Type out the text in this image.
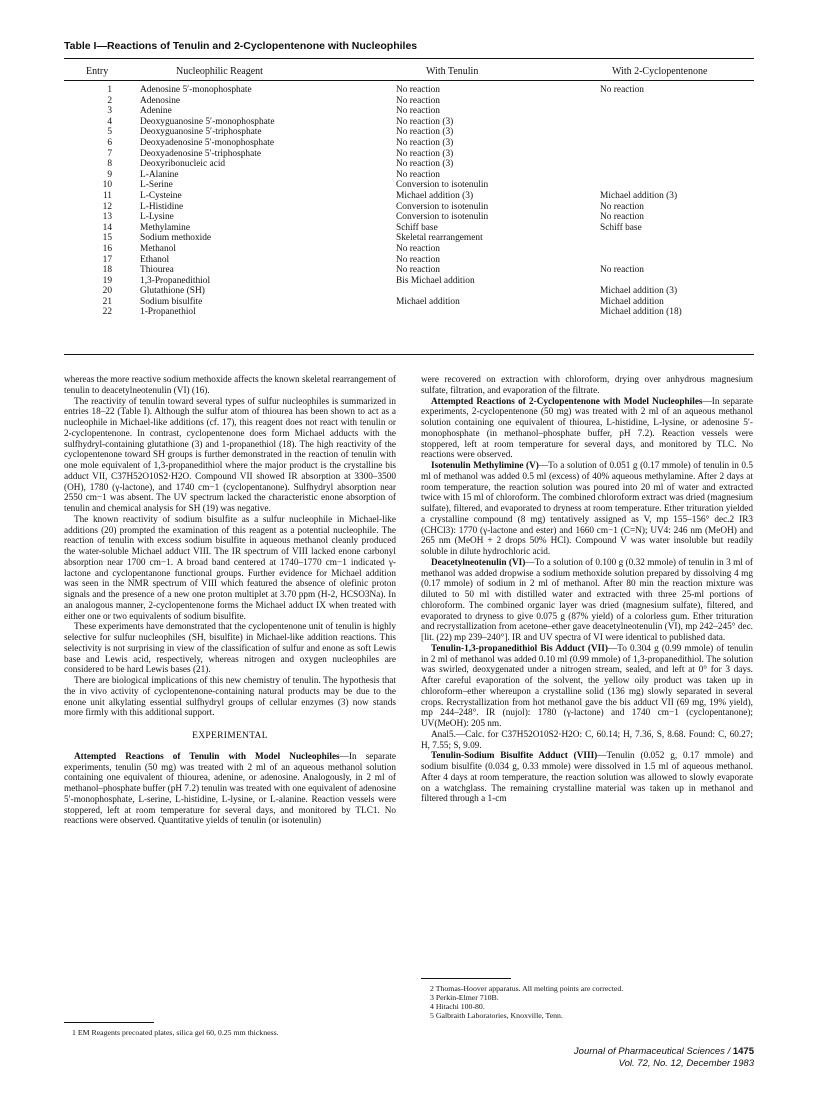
Table I—Reactions of Tenulin and 2-Cyclopentenone with Nucleophiles
Entry	Nucleophilic Reagent	With Tenulin	With 2-Cyclopentenone
1	Adenosine 5′-monophosphate	No reaction	No reaction
2	Adenosine	No reaction	
3	Adenine	No reaction	
4	Deoxyguanosine 5′-monophosphate	No reaction (3)	
5	Deoxyguanosine 5′-triphosphate	No reaction (3)	
6	Deoxyadenosine 5′-monophosphate	No reaction (3)	
7	Deoxyadenosine 5′-triphosphate	No reaction (3)	
8	Deoxyribonucleic acid	No reaction (3)	
9	L-Alanine	No reaction	
10	L-Serine	Conversion to isotenulin	
11	L-Cysteine	Michael addition (3)	Michael addition (3)
12	L-Histidine	Conversion to isotenulin	No reaction
13	L-Lysine	Conversion to isotenulin	No reaction
14	Methylamine	Schiff base	Schiff base
15	Sodium methoxide	Skeletal rearrangement	
16	Methanol	No reaction	
17	Ethanol	No reaction	
18	Thiourea	No reaction	No reaction
19	1,3-Propanedithiol	Bis Michael addition	
20	Glutathione (SH)		Michael addition (3)
21	Sodium bisulfite	Michael addition	Michael addition
22	1-Propanethiol		Michael addition (18)

whereas the more reactive sodium methoxide affects the known skeletal rearrangement of tenulin to deacetylneotenulin (VI) (16).

The reactivity of tenulin toward several types of sulfur nucleophiles is summarized in entries 18–22 (Table I). Although the sulfur atom of thiourea has been shown to act as a nucleophile in Michael-like additions (cf. 17), this reagent does not react with tenulin or 2-cyclopentenone. In contrast, cyclopentenone does form Michael adducts with the sulfhydryl-containing glutathione (3) and 1-propanethiol (18). The high reactivity of the cyclopentenone toward SH groups is further demonstrated in the reaction of tenulin with one mole equivalent of 1,3-propanedithiol where the major product is the crystalline bis adduct VII, C37H52O10S2·H2O. Compound VII showed IR absorption at 3300–3500 (OH), 1780 (γ-lactone), and 1740 cm−1 (cyclopentanone). Sulfhydryl absorption near 2550 cm−1 was absent. The UV spectrum lacked the characteristic enone absorption of tenulin and chemical analysis for SH (19) was negative.

The known reactivity of sodium bisulfite as a sulfur nucleophile in Michael-like additions (20) prompted the examination of this reagent as a potential nucleophile. The reaction of tenulin with excess sodium bisulfite in aqueous methanol cleanly produced the water-soluble Michael adduct VIII. The IR spectrum of VIII lacked enone carbonyl absorption near 1700 cm−1. A broad band centered at 1740–1770 cm−1 indicated γ-lactone and cyclopentanone functional groups. Further evidence for Michael addition was seen in the NMR spectrum of VIII which featured the absence of olefinic proton signals and the presence of a new one proton multiplet at 3.70 ppm (H-2, HCSO3Na). In an analogous manner, 2-cyclopentenone forms the Michael adduct IX when treated with either one or two equivalents of sodium bisulfite.

These experiments have demonstrated that the cyclopentenone unit of tenulin is highly selective for sulfur nucleophiles (SH, bisulfite) in Michael-like addition reactions. This selectivity is not surprising in view of the classification of sulfur and enone as soft Lewis base and Lewis acid, respectively, whereas nitrogen and oxygen nucleophiles are considered to be hard Lewis bases (21).

There are biological implications of this new chemistry of tenulin. The hypothesis that the in vivo activity of cyclopentenone-containing natural products may be due to the enone unit alkylating essential sulfhydryl groups of cellular enzymes (3) now stands more firmly with this additional support.

EXPERIMENTAL

Attempted Reactions of Tenulin with Model Nucleophiles—In separate experiments, tenulin (50 mg) was treated with 2 ml of an aqueous methanol solution containing one equivalent of thiourea, adenine, or adenosine. Analogously, in 2 ml of methanol–phosphate buffer (pH 7.2) tenulin was treated with one equivalent of adenosine 5′-monophosphate, L-serine, L-histidine, L-lysine, or L-alanine. Reaction vessels were stoppered, left at room temperature for several days, and monitored by TLC1. No reactions were observed. Quantitative yields of tenulin (or isotenulin)

1 EM Reagents precoated plates, silica gel 60, 0.25 mm thickness.

were recovered on extraction with chloroform, drying over anhydrous magnesium sulfate, filtration, and evaporation of the filtrate.

Attempted Reactions of 2-Cyclopentenone with Model Nucleophiles—In separate experiments, 2-cyclopentenone (50 mg) was treated with 2 ml of an aqueous methanol solution containing one equivalent of thiourea, L-histidine, L-lysine, or adenosine 5′-monophosphate (in methanol–phosphate buffer, pH 7.2). Reaction vessels were stoppered, left at room temperature for several days, and monitored by TLC. No reactions were observed.

Isotenulin Methylimine (V)—To a solution of 0.051 g (0.17 mmole) of tenulin in 0.5 ml of methanol was added 0.5 ml (excess) of 40% aqueous methylamine. After 2 days at room temperature, the reaction solution was poured into 20 ml of water and extracted twice with 15 ml of chloroform. The combined chloroform extract was dried (magnesium sulfate), filtered, and evaporated to dryness at room temperature. Ether trituration yielded a crystalline compound (8 mg) tentatively assigned as V, mp 155–156° dec.2 IR3 (CHCl3): 1770 (γ-lactone and ester) and 1660 cm−1 (C=N); UV4: 246 nm (MeOH) and 265 nm (MeOH + 2 drops 50% HCl). Compound V was water insoluble but readily soluble in dilute hydrochloric acid.

Deacetylneotenulin (VI)—To a solution of 0.100 g (0.32 mmole) of tenulin in 3 ml of methanol was added dropwise a sodium methoxide solution prepared by dissolving 4 mg (0.17 mmole) of sodium in 2 ml of methanol. After 80 min the reaction mixture was diluted to 50 ml with distilled water and extracted with three 25-ml portions of chloroform. The combined organic layer was dried (magnesium sulfate), filtered, and evaporated to dryness to give 0.075 g (87% yield) of a colorless gum. Ether trituration and recrystallization from acetone–ether gave deacetylneotenulin (VI), mp 242–245° dec. [lit. (22) mp 239–240°]. IR and UV spectra of VI were identical to published data.

Tenulin-1,3-propanedithiol Bis Adduct (VII)—To 0.304 g (0.99 mmole) of tenulin in 2 ml of methanol was added 0.10 ml (0.99 mmole) of 1,3-propanedithiol. The solution was swirled, deoxygenated under a nitrogen stream, sealed, and left at 0° for 3 days. After careful evaporation of the solvent, the yellow oily product was taken up in chloroform–ether whereupon a crystalline solid (136 mg) slowly separated in several crops. Recrystallization from hot methanol gave the bis adduct VII (69 mg, 19% yield), mp 244–248°. IR (nujol): 1780 (γ-lactone) and 1740 cm−1 (cyclopentanone); UV(MeOH): 205 nm.

Anal5.—Calc. for C37H52O10S2·H2O: C, 60.14; H, 7.36, S, 8.68. Found: C, 60.27; H, 7.55; S, 9.09.

Tenulin-Sodium Bisulfite Adduct (VIII)—Tenulin (0.052 g, 0.17 mmole) and sodium bisulfite (0.034 g, 0.33 mmole) were dissolved in 1.5 ml of aqueous methanol. After 4 days at room temperature, the reaction solution was allowed to slowly evaporate on a watchglass. The remaining crystalline material was taken up in methanol and filtered through a 1-cm

2 Thomas-Hoover apparatus. All melting points are corrected.
3 Perkin-Elmer 710B.
4 Hitachi 100-80.
5 Galbraith Laboratories, Knoxville, Tenn.
Journal of Pharmaceutical Sciences / 1475
Vol. 72, No. 12, December 1983
